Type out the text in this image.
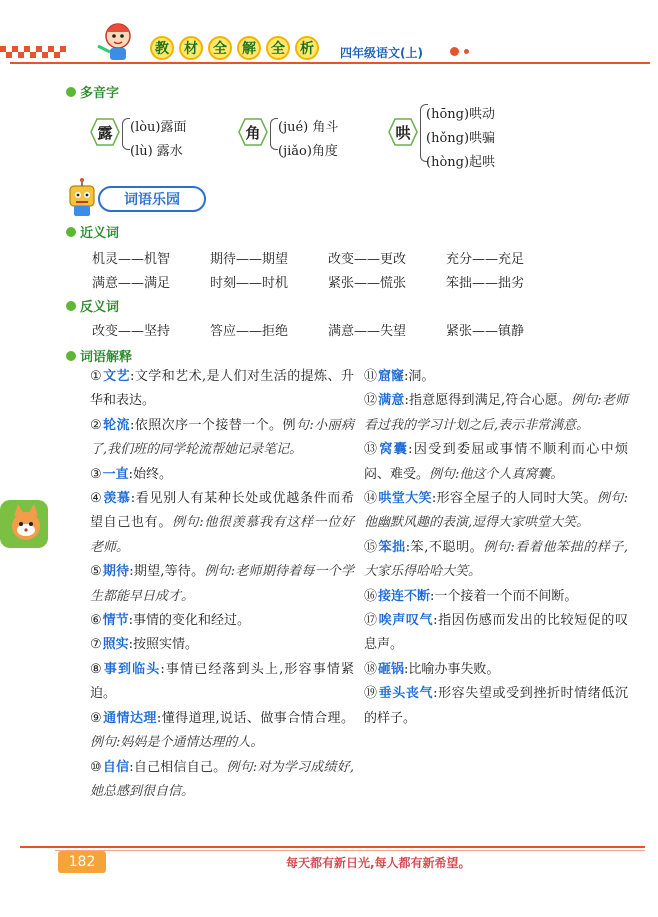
教	材	全	解	全	析	四年级语文(上)
多音字
露 (lòu)露面
(lù) 露水
角 (jué) 角斗
(jiǎo)角度
哄
(hōng)哄动
(hǒng)哄骗
(hòng)起哄
词语乐园
近义词
机灵——机智	期待——期望	改变——更改	充分——充足
满意——满足	时刻——时机	紧张——慌张	笨拙——拙劣
反义词
改变——坚持	答应——拒绝	满意——失望	紧张——镇静
词语解释

①文艺:文学和艺术,是人们对生活的提炼、升华和表达。

②轮流:依照次序一个接替一个。例句:小丽病了,我们班的同学轮流帮她记录笔记。

③一直:始终。

④羡慕:看见别人有某种长处或优越条件而希望自己也有。例句:他很羡慕我有这样一位好老师。

⑤期待:期望,等待。例句:老师期待着每一个学生都能早日成才。

⑥情节:事情的变化和经过。

⑦照实:按照实情。

⑧事到临头:事情已经落到头上,形容事情紧迫。

⑨通情达理:懂得道理,说话、做事合情合理。例句:妈妈是个通情达理的人。

⑩自信:自己相信自己。例句:对为学习成绩好,她总感到很自信。

⑪窟窿:洞。

⑫满意:指意愿得到满足,符合心愿。例句:老师看过我的学习计划之后,表示非常满意。

⑬窝囊:因受到委屈或事情不顺利而心中烦闷、难受。例句:他这个人真窝囊。

⑭哄堂大笑:形容全屋子的人同时大笑。例句:他幽默风趣的表演,逗得大家哄堂大笑。

⑮笨拙:笨,不聪明。例句:看着他笨拙的样子,大家乐得哈哈大笑。

⑯接连不断:一个接着一个而不间断。

⑰唉声叹气:指因伤感而发出的比较短促的叹息声。

⑱砸锅:比喻办事失败。

⑲垂头丧气:形容失望或受到挫折时情绪低沉的样子。

182	每天都有新日光,每人都有新希望。
